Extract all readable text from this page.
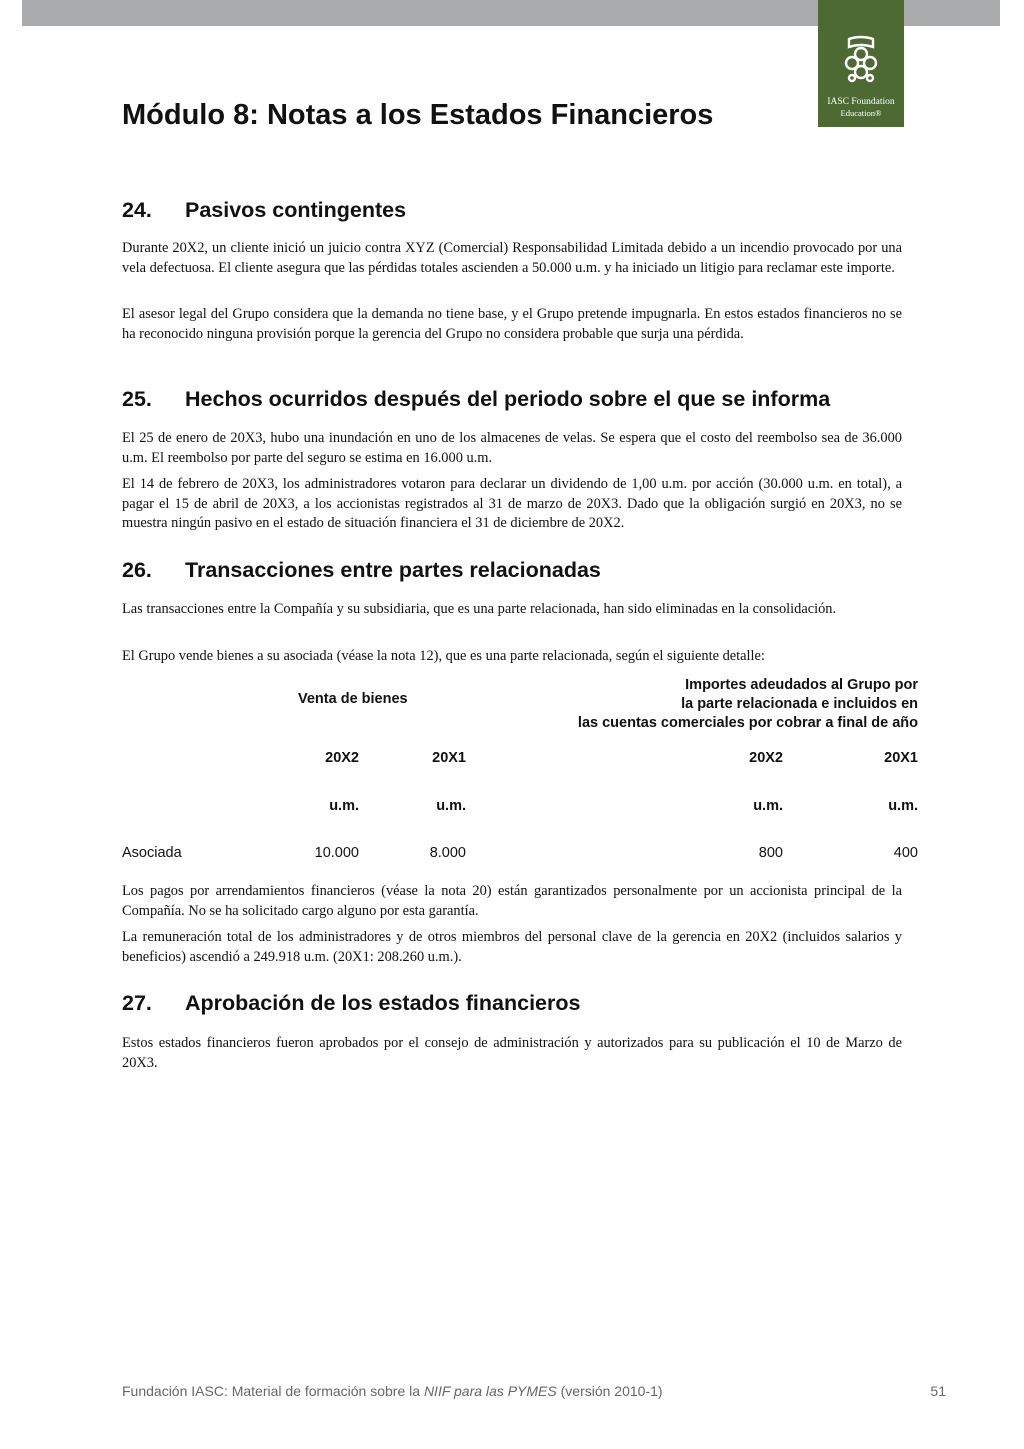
IASC Foundation
Education®
Módulo 8: Notas a los Estados Financieros
24. Pasivos contingentes

Durante 20X2, un cliente inició un juicio contra XYZ (Comercial) Responsabilidad Limitada debido a un incendio provocado por una vela defectuosa. El cliente asegura que las pérdidas totales ascienden a 50.000 u.m. y ha iniciado un litigio para reclamar este importe.

El asesor legal del Grupo considera que la demanda no tiene base, y el Grupo pretende impugnarla. En estos estados financieros no se ha reconocido ninguna provisión porque la gerencia del Grupo no considera probable que surja una pérdida.

25. Hechos ocurridos después del periodo sobre el que se informa

El 25 de enero de 20X3, hubo una inundación en uno de los almacenes de velas. Se espera que el costo del reembolso sea de 36.000 u.m. El reembolso por parte del seguro se estima en 16.000 u.m.

El 14 de febrero de 20X3, los administradores votaron para declarar un dividendo de 1,00 u.m. por acción (30.000 u.m. en total), a pagar el 15 de abril de 20X3, a los accionistas registrados al 31 de marzo de 20X3. Dado que la obligación surgió en 20X3, no se muestra ningún pasivo en el estado de situación financiera el 31 de diciembre de 20X2.

26. Transacciones entre partes relacionadas

Las transacciones entre la Compañía y su subsidiaria, que es una parte relacionada, han sido eliminadas en la consolidación.

El Grupo vende bienes a su asociada (véase la nota 12), que es una parte relacionada, según el siguiente detalle:

Venta de bienes
Importes adeudados al Grupo por
la parte relacionada e incluidos en
las cuentas comerciales por cobrar a final de año
20X2	20X1	20X2	20X1
u.m.	u.m.	u.m.	u.m.
Asociada	10.000	8.000	800	400

Los pagos por arrendamientos financieros (véase la nota 20) están garantizados personalmente por un accionista principal de la Compañía. No se ha solicitado cargo alguno por esta garantía.

La remuneración total de los administradores y de otros miembros del personal clave de la gerencia en 20X2 (incluidos salarios y beneficios) ascendió a 249.918 u.m. (20X1: 208.260 u.m.).

27. Aprobación de los estados financieros

Estos estados financieros fueron aprobados por el consejo de administración y autorizados para su publicación el 10 de Marzo de 20X3.

Fundación IASC: Material de formación sobre la NIIF para las PYMES (versión 2010-1)	51
